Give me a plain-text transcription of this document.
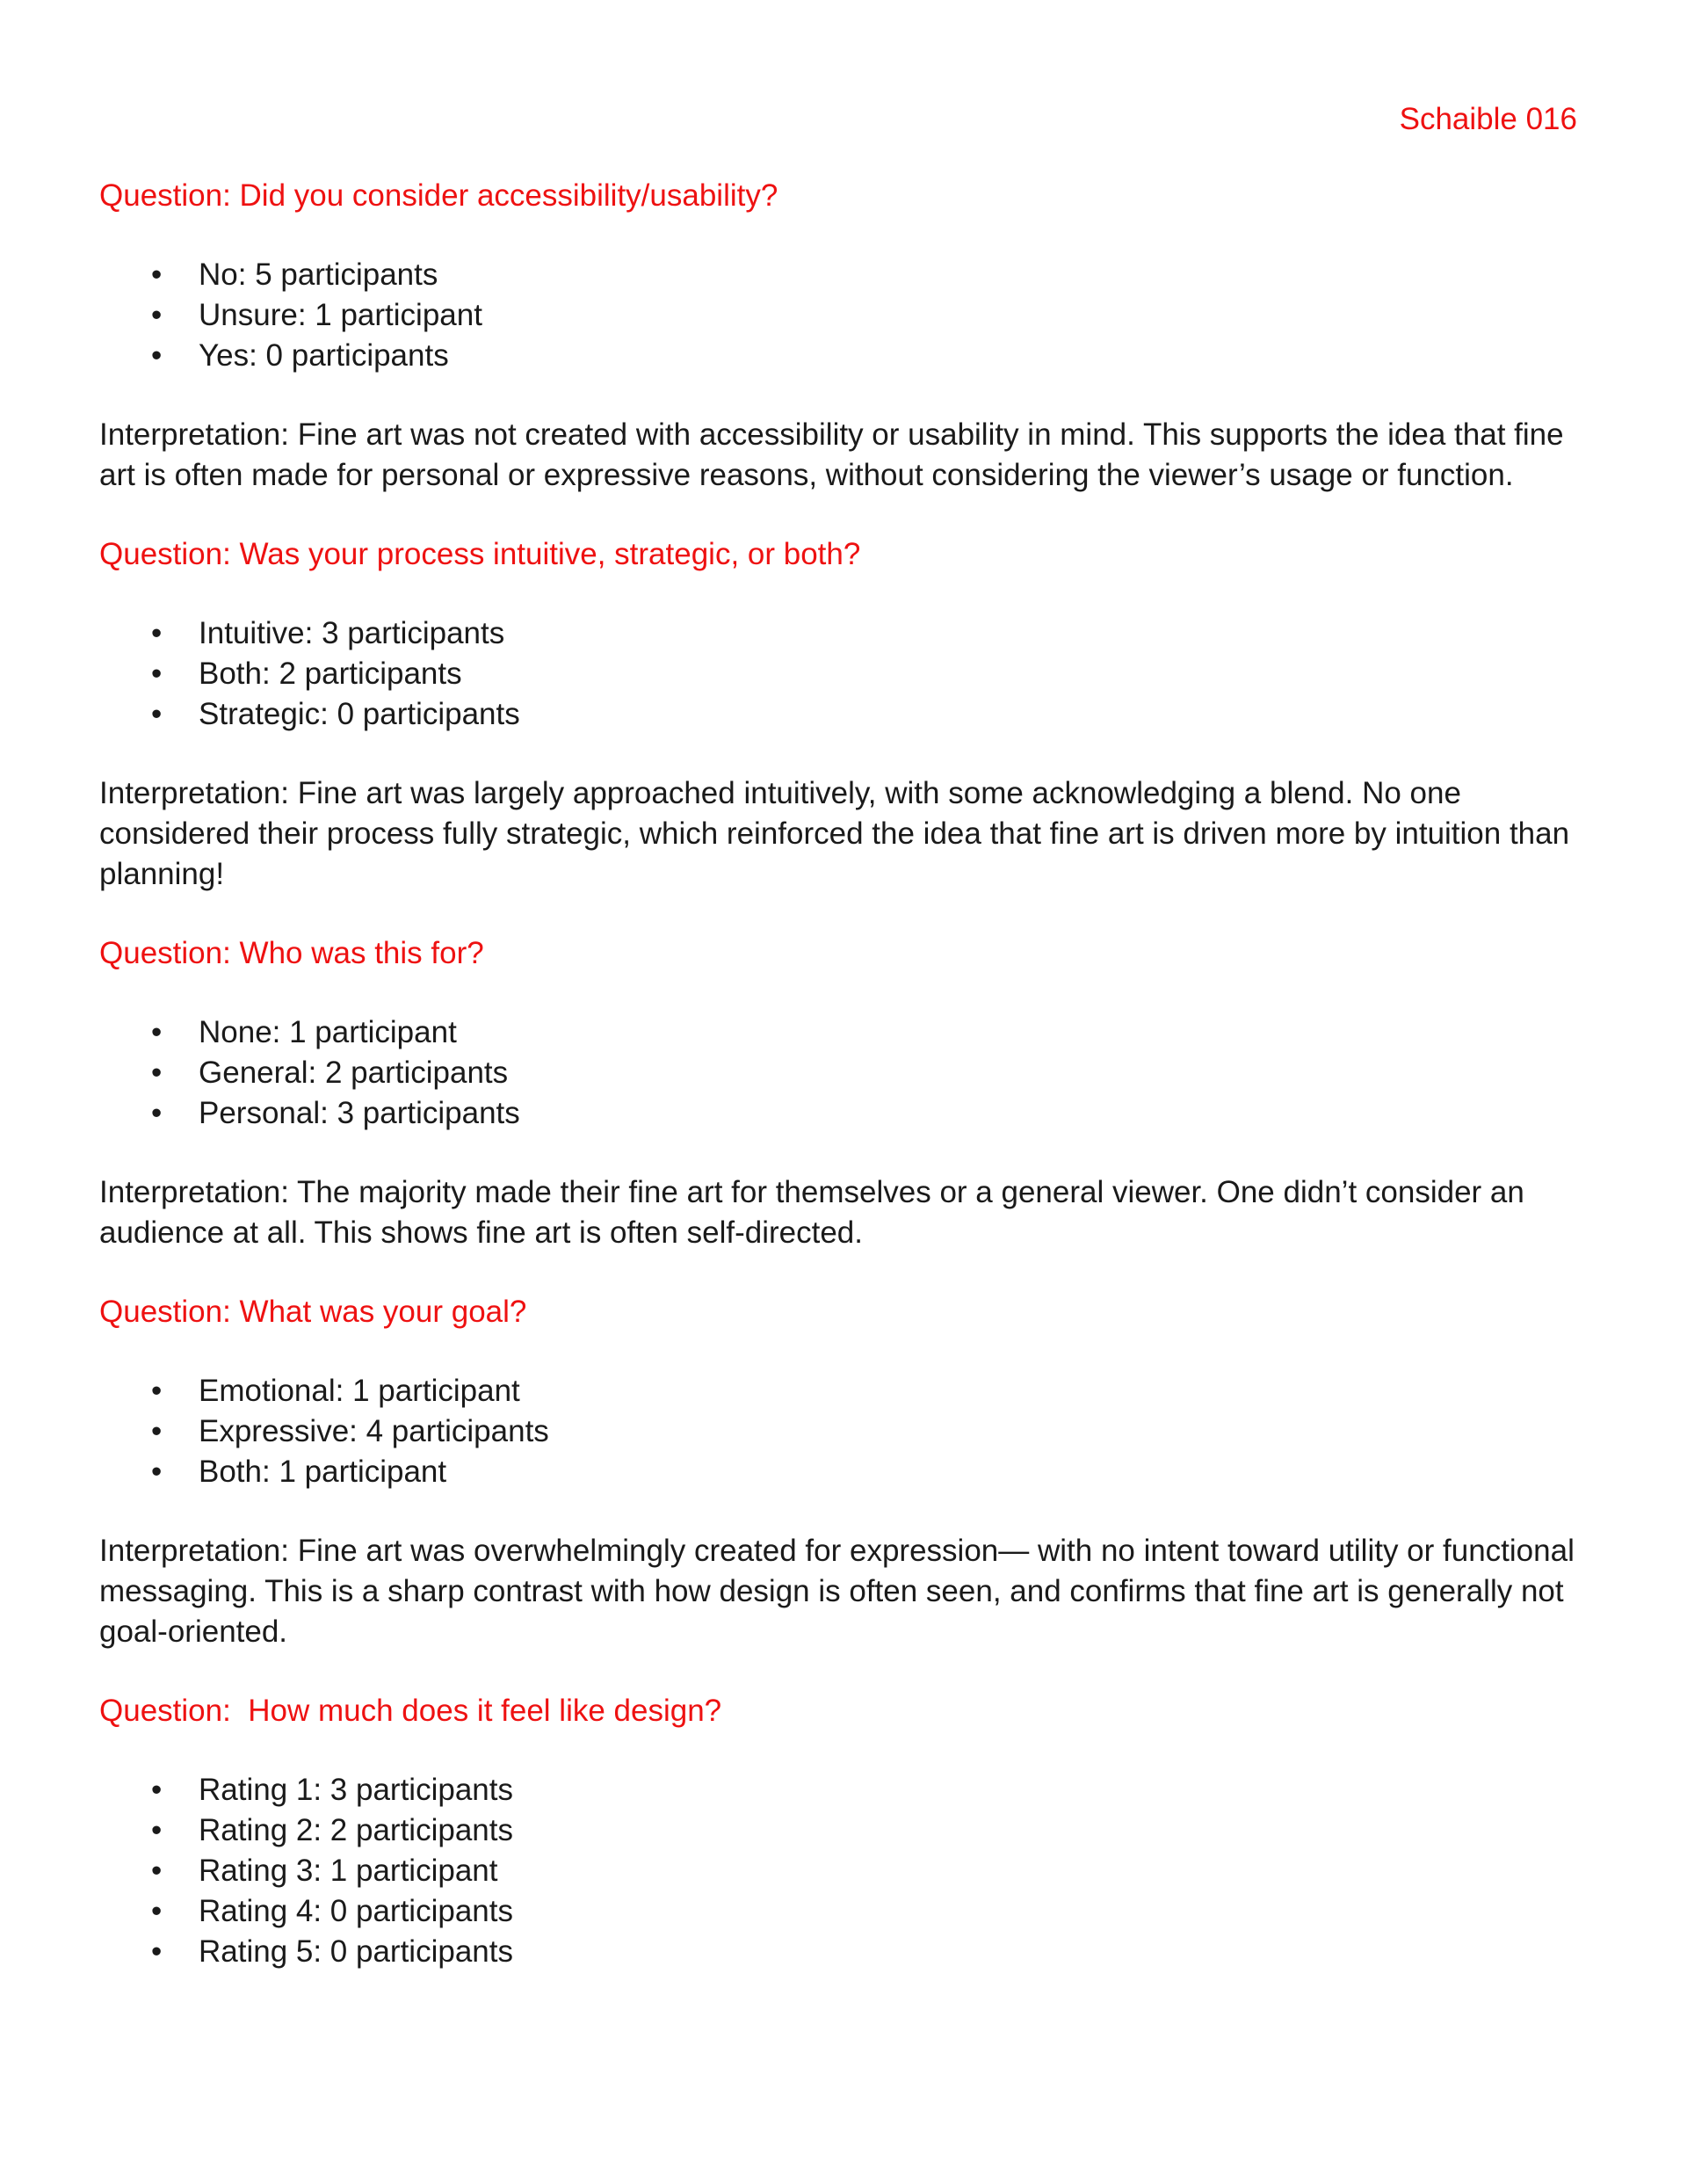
Schaible 016

Question: Did you consider accessibility/usability?

• No: 5 participants
• Unsure: 1 participant
• Yes: 0 participants

Interpretation: Fine art was not created with accessibility or usability in mind. This supports the idea that fine art is often made for personal or expressive reasons, without considering the viewer’s usage or function.

Question: Was your process intuitive, strategic, or both?

• Intuitive: 3 participants
• Both: 2 participants
• Strategic: 0 participants

Interpretation: Fine art was largely approached intuitively, with some acknowledging a blend. No one considered their process fully strategic, which reinforced the idea that fine art is driven more by intuition than planning!

Question: Who was this for?

• None: 1 participant
• General: 2 participants
• Personal: 3 participants

Interpretation: The majority made their fine art for themselves or a general viewer. One didn’t consider an audience at all. This shows fine art is often self-directed.

Question: What was your goal?

• Emotional: 1 participant
• Expressive: 4 participants
• Both: 1 participant

Interpretation: Fine art was overwhelmingly created for expression— with no intent toward utility or functional messaging. This is a sharp contrast with how design is often seen, and confirms that fine art is generally not goal-oriented.

Question:  How much does it feel like design?

• Rating 1: 3 participants
• Rating 2: 2 participants
• Rating 3: 1 participant
• Rating 4: 0 participants
• Rating 5: 0 participants
